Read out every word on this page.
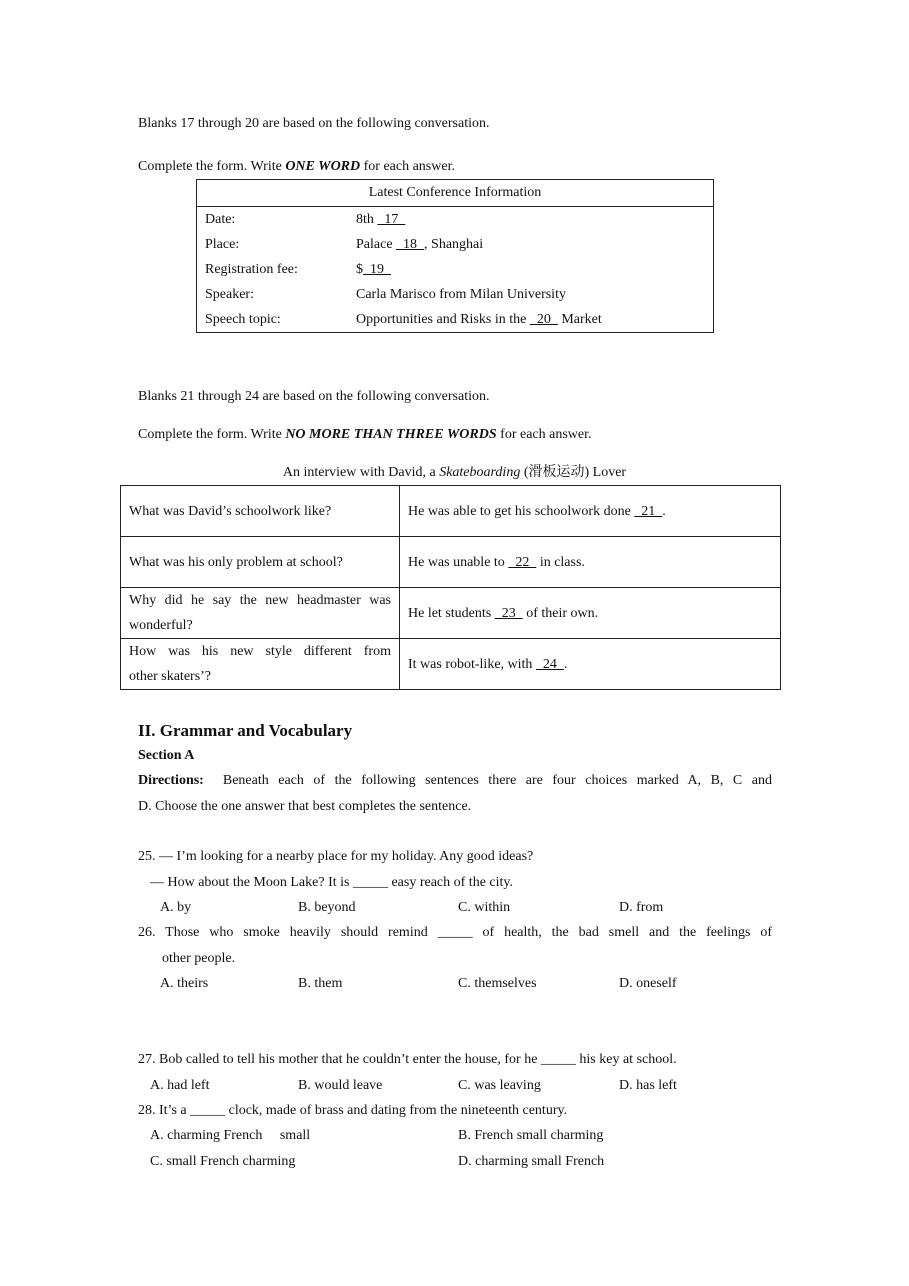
Blanks 17 through 20 are based on the following conversation.
Complete the form. Write ONE WORD for each answer.
Latest Conference Information	
Date:	8th   17
Place:	Palace   18  , Shanghai
Registration fee:	$  19
Speaker:	Carla Marisco from Milan University
Speech topic:	Opportunities and Risks in the   20   Market
Blanks 21 through 24 are based on the following conversation.
Complete the form. Write NO MORE THAN THREE WORDS for each answer.
An interview with David, a Skateboarding (滑板运动) Lover
What was David’s schoolwork like?	He was able to get his schoolwork done   21  .
What was his only problem at school?	He was unable to   22   in class.

Why did he say the new headmaster was
wonderful?	He let students   23   of their own.

How was his new style different from
other skaters’?	It was robot-like, with   24  .
II. Grammar and Vocabulary
Section A
Directions:  Beneath each of the following sentences there are four choices marked A, B, C and
D. Choose the one answer that best completes the sentence.
25. — I’m looking for a nearby place for my holiday. Any good ideas?
— How about the Moon Lake? It is _____ easy reach of the city.
A. by	B. beyond	C. within	D. from
26. Those who smoke heavily should remind _____ of health, the bad smell and the feelings of
other people.
A. theirs	B. them	C. themselves	D. oneself
27. Bob called to tell his mother that he couldn’t enter the house, for he _____ his key at school.
A. had left	B. would leave	C. was leaving	D. has left
28. It’s a _____ clock, made of brass and dating from the nineteenth century.
A. charming French     small	B. French small charming
C. small French charming	D. charming small French
